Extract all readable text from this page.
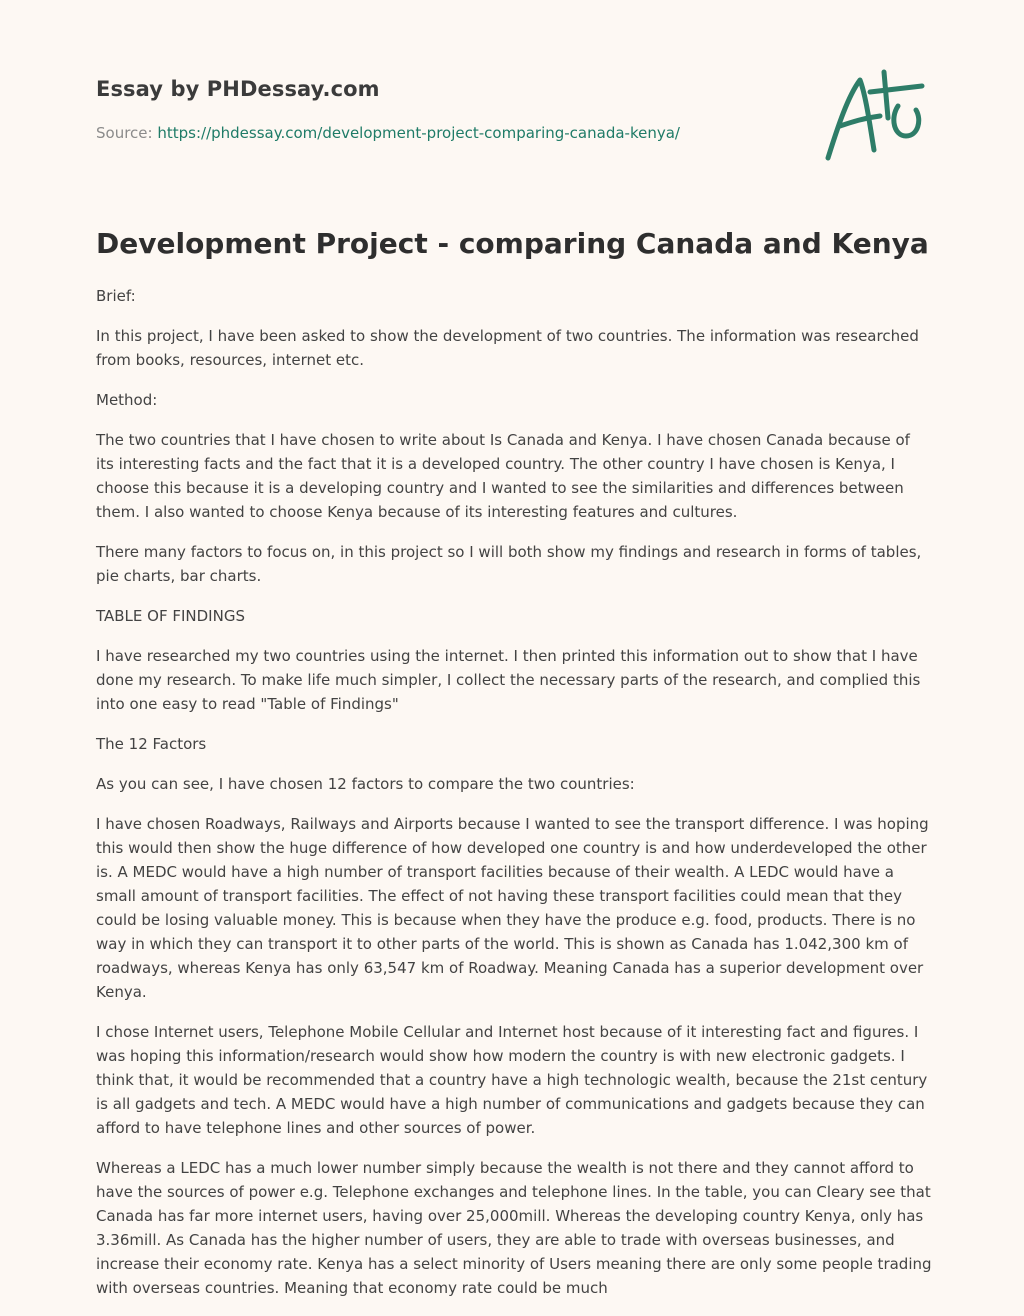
Essay by PHDessay.com
Source: https://phdessay.com/development-project-comparing-canada-kenya/
Development Project - comparing Canada and Kenya

Brief:

In this project, I have been asked to show the development of two countries. The information was researched from books, resources, internet etc.

Method:

The two countries that I have chosen to write about Is Canada and Kenya. I have chosen Canada because of its interesting facts and the fact that it is a developed country. The other country I have chosen is Kenya, I choose this because it is a developing country and I wanted to see the similarities and differences between them. I also wanted to choose Kenya because of its interesting features and cultures.

There many factors to focus on, in this project so I will both show my findings and research in forms of tables, pie charts, bar charts.

TABLE OF FINDINGS

I have researched my two countries using the internet. I then printed this information out to show that I have done my research. To make life much simpler, I collect the necessary parts of the research, and complied this into one easy to read "Table of Findings"

The 12 Factors

As you can see, I have chosen 12 factors to compare the two countries:

I have chosen Roadways, Railways and Airports because I wanted to see the transport difference. I was hoping this would then show the huge difference of how developed one country is and how underdeveloped the other is. A MEDC would have a high number of transport facilities because of their wealth. A LEDC would have a small amount of transport facilities. The effect of not having these transport facilities could mean that they could be losing valuable money. This is because when they have the produce e.g. food, products. There is no way in which they can transport it to other parts of the world. This is shown as Canada has 1.042,300 km of roadways, whereas Kenya has only 63,547 km of Roadway. Meaning Canada has a superior development over Kenya.

I chose Internet users, Telephone Mobile Cellular and Internet host because of it interesting fact and figures. I was hoping this information/research would show how modern the country is with new electronic gadgets. I think that, it would be recommended that a country have a high technologic wealth, because the 21st century is all gadgets and tech. A MEDC would have a high number of communications and gadgets because they can afford to have telephone lines and other sources of power.

Whereas a LEDC has a much lower number simply because the wealth is not there and they cannot afford to have the sources of power e.g. Telephone exchanges and telephone lines. In the table, you can Cleary see that Canada has far more internet users, having over 25,000mill. Whereas the developing country Kenya, only has 3.36mill. As Canada has the higher number of users, they are able to trade with overseas businesses, and increase their economy rate. Kenya has a select minority of Users meaning there are only some people trading with overseas countries. Meaning that economy rate could be much
